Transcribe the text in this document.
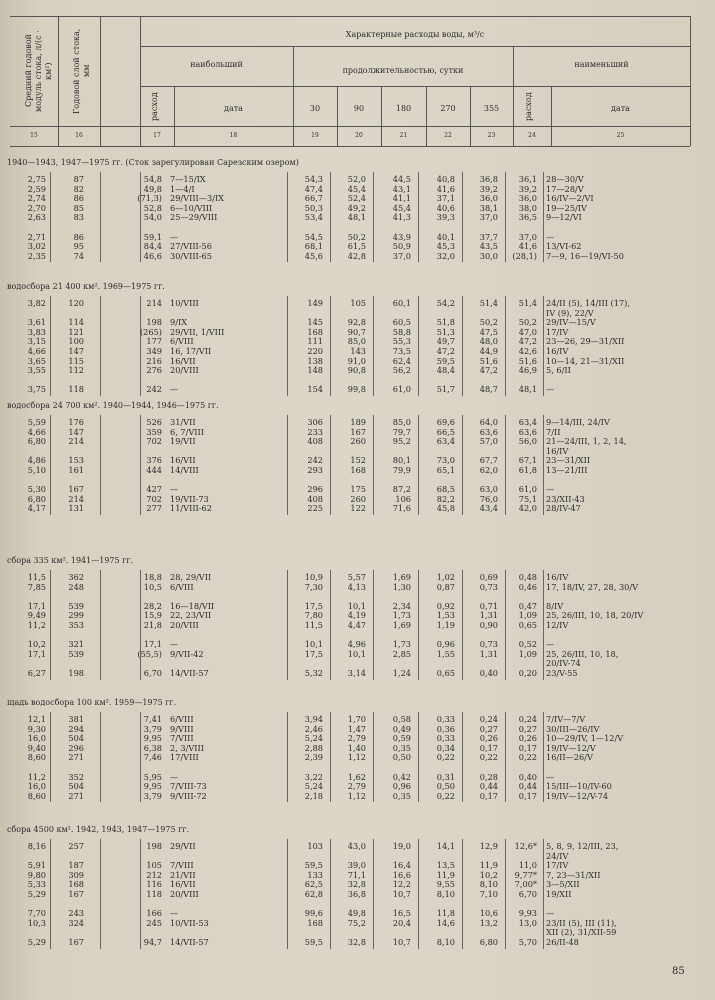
Средний годовой модуль стока, л/(с · км²) Годовой слой стока, мм
Характерные расходы воды, м³/с
наибольший
продолжительностью, сутки
наименьший
расход	дата	30	90	180	270	355	расход	дата
15	16	17	18	19	20	21	22	23	24	25
1940—1943, 1947—1975 гг. (Сток зарегулирован Сарезским озером)
2,75	87	54,8 7—15/IX	54,3	52,0	44,5	40,8	36,8	36,1 28—30/V
2,59	82	49,8 1—4/I	47,4	45,4	43,1	41,6	39,2	39,2 17—28/V
2,74	86	(71,3) 29/VIII—3/IX	66,7	52,4	41,1	37,1	36,0	36,0 16/IV—2/VI
2,70	85	52,8 6—10/VIII	50,3	49,2	45,4	40,6	38,1	38,0 19—25/IV
2,63	83	54,0 25—29/VIII	53,4	48,1	41,3	39,3	37,0	36,5 9—12/VI
2,71	86	59,1 —	54,5	50,2	43,9	40,1	37,7	37,0 —
3,02	95	84,4 27/VIII-56	68,1	61,5	50,9	45,3	43,5	41,6 13/VI-62
2,35	74	46,6 30/VIII-65	45,6	42,8	37,0	32,0	30,0	(28,1) 7—9, 16—19/VI-50
водосбора 21 400 км². 1969—1975 гг.
3,82	120	214 10/VIII	149	105	60,1	54,2	51,4	51,4 24/II (5), 14/III (17),
IV (9), 22/V
3,61	114	198 9/IX	145	92,8	60,5	51,8	50,2	50,2 29/IV—15/V
3,83	121	(265) 29/VII, 1/VIII	168	90,7	58,8	51,3	47,5	47,0 17/IV
3,15	100	177 6/VIII	111	85,0	55,3	49,7	48,0	47,2 23—26, 29—31/XII
4,66	147	349 16, 17/VII	220	143	73,5	47,2	44,9	42,6 16/IV
3,65	115	216 16/VII	138	91,0	62,4	59,5	51,6	51,6 10—14, 21—31/XII
3,55	112	276 20/VIII	148	90,8	56,2	48,4	47,2	46,9 5, 6/II
3,75	118	242 —	154	99,8	61,0	51,7	48,7	48,1 —
водосбора 24 700 км². 1940—1944, 1946—1975 гг.
5,59	176	526 31/VII	306	189	85,0	69,6	64,0	63,4 9—14/III, 24/IV
4,66	147	359 6, 7/VIII	233	167	79,7	66,5	63,6	63,6 7/II
6,80	214	702 19/VII	408	260	95,2	63,4	57,0	56,0 21—24/III, 1, 2, 14,
16/IV
4,86	153	376 16/VII	242	152	80,1	73,0	67,7	67,1 23—31/XII
5,10	161	444 14/VIII	293	168	79,9	65,1	62,0	61,8 13—21/III
5,30	167	427 —	296	175	87,2	68,5	63,0	61,0 —
6,80	214	702 19/VII-73	408	260	106	82,2	76,0	75,1 23/XII-43
4,17	131	277 11/VIII-62	225	122	71,6	45,8	43,4	42,0 28/IV-47
сбора 335 км². 1941—1975 гг.
11,5	362	18,8 28, 29/VII	10,9	5,57	1,69	1,02	0,69	0,48 16/IV
7,85	248	10,5 6/VIII	7,30	4,13	1,30	0,87	0,73	0,46 17, 18/IV, 27, 28, 30/V
17,1	539	28,2 16—18/VII	17,5	10,1	2,34	0,92	0,71	0,47 8/IV
9,49	299	15,9 22, 23/VII	7,80	4,19	1,73	1,53	1,31	1,09 25, 26/III, 10, 18, 20/IV
11,2	353	21,8 20/VIII	11,5	4,47	1,69	1,19	0,90	0,65 12/IV
10,2	321	17,1 —	10,1	4,96	1,73	0,96	0,73	0,52 —
17,1	539	(55,5) 9/VII-42	17,5	10,1	2,85	1,55	1,31	1,09 25, 26/III, 10, 18,
20/IV-74
6,27	198	6,70 14/VII-57	5,32	3,14	1,24	0,65	0,40	0,20 23/V-55
щадь водосбора 100 км². 1959—1975 гг.
12,1	381	7,41 6/VIII	3,94	1,70	0,58	0,33	0,24	0,24 7/IV—7/V
9,30	294	3,79 9/VIII	2,46	1,47	0,49	0,36	0,27	0,27 30/III—26/IV
16,0	504	9,95 7/VIII	5,24	2,79	0,59	0,33	0,26	0,26 10—29/IV, 1—12/V
9,40	296	6,38 2, 3/VIII	2,88	1,40	0,35	0,34	0,17	0,17 19/IV—12/V
8,60	271	7,46 17/VIII	2,39	1,12	0,50	0,22	0,22	0,22 16/II—26/V
11,2	352	5,95 —	3,22	1,62	0,42	0,31	0,28	0,40 —
16,0	504	9,95 7/VIII-73	5,24	2,79	0,96	0,50	0,44	0,44 15/III—10/IV-60
8,60	271	3,79 9/VIII-72	2,18	1,12	0,35	0,22	0,17	0,17 19/IV—12/V-74
сбора 4500 км². 1942, 1943, 1947—1975 гг.
8,16	257	198 29/VII	103	43,0	19,0	14,1	12,9	12,6* 5, 8, 9, 12/III, 23,
24/IV
5,91	187	105 7/VIII	59,5	39,0	16,4	13,5	11,9	11,0 17/IV
9,80	309	212 21/VII	133	71,1	16,6	11,9	10,2	9,77* 7, 23—31/XII
5,33	168	116 16/VII	62,5	32,8	12,2	9,55	8,10	7,00* 3—5/XII
5,29	167	118 20/VIII	62,8	36,8	10,7	8,10	7,10	6,70 19/XII
7,70	243	166 —	99,6	49,8	16,5	11,8	10,6	9,93 —
10,3	324	245 10/VII-53	168	75,2	20,4	14,6	13,2	13,0 23/II (5), III (11),
XII (2), 31/XII-59
5,29	167	94,7 14/VII-57	59,5	32,8	10,7	8,10	6,80	5,70 26/II-48
85
